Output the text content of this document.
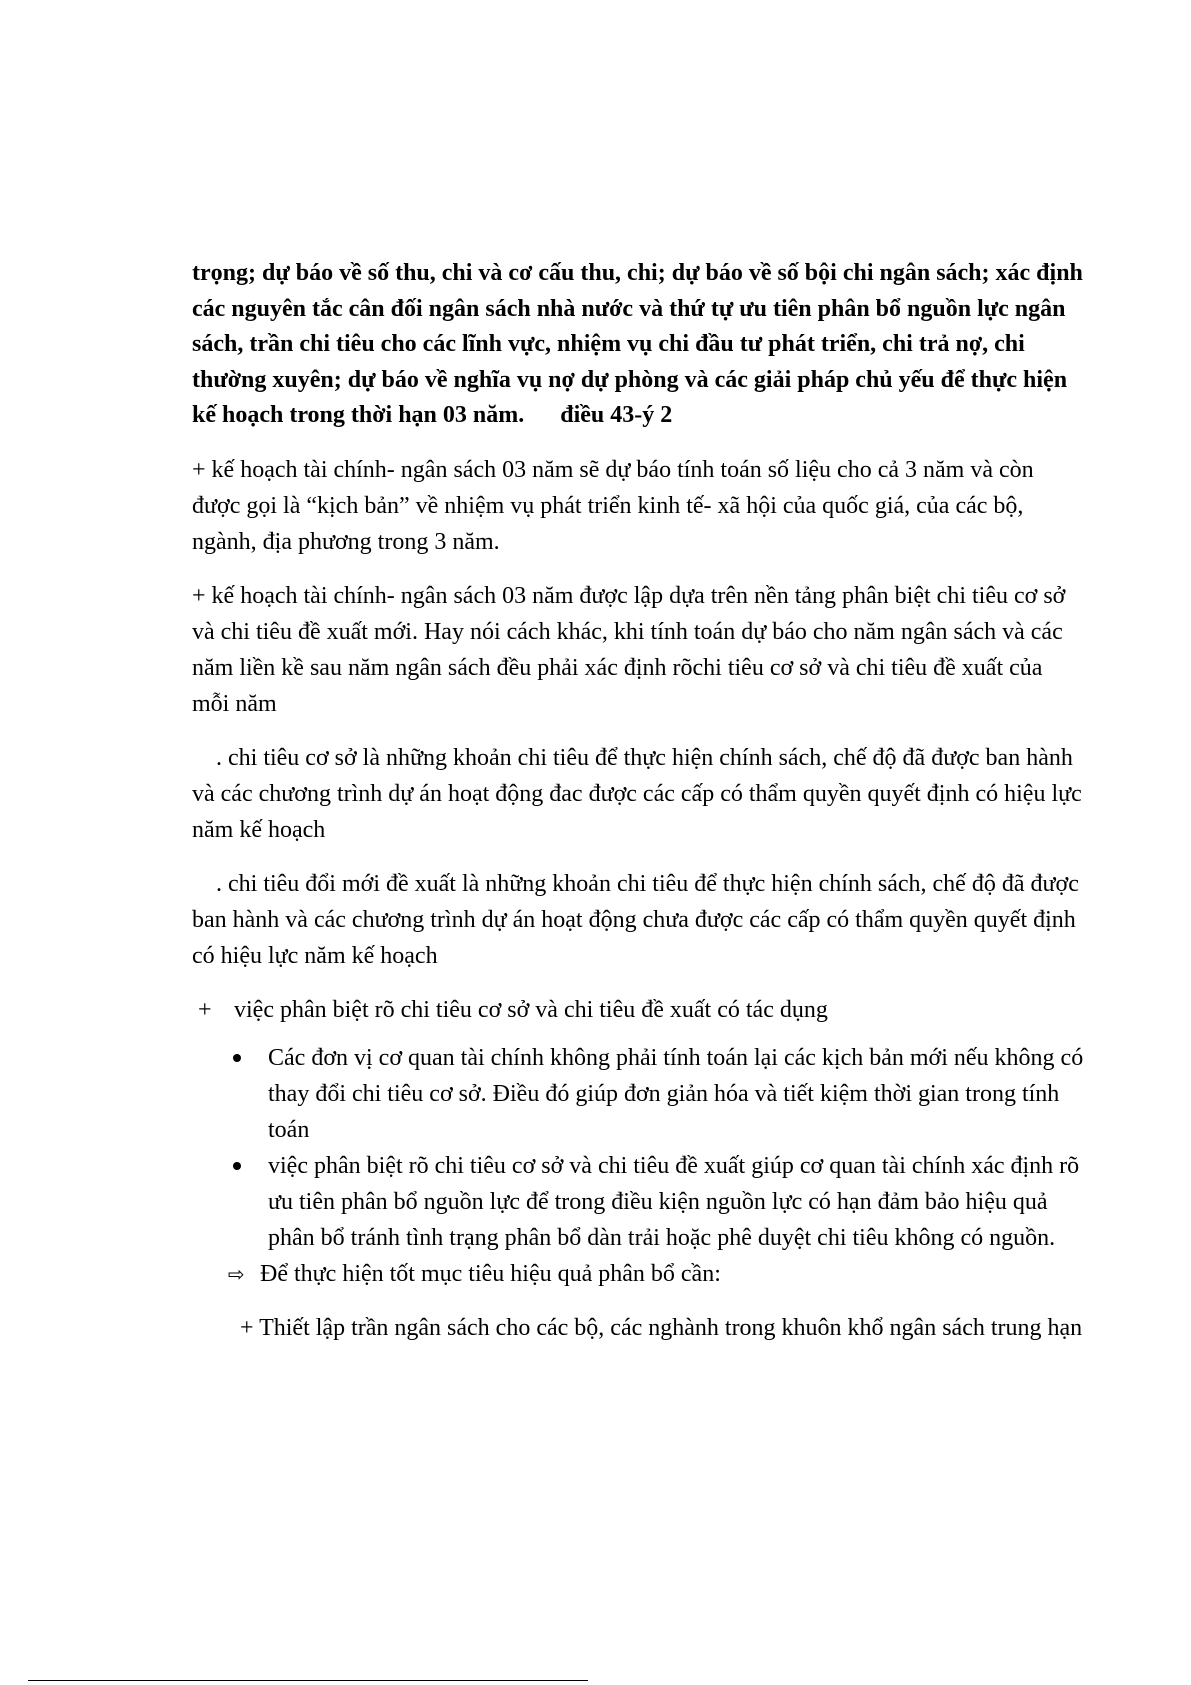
trọng; dự báo về số thu, chi và cơ cấu thu, chi; dự báo về số bội chi ngân sách; xác định các nguyên tắc cân đối ngân sách nhà nước và thứ tự ưu tiên phân bổ nguồn lực ngân sách, trần chi tiêu cho các lĩnh vực, nhiệm vụ chi đầu tư phát triển, chi trả nợ, chi thường xuyên; dự báo về nghĩa vụ nợ dự phòng và các giải pháp chủ yếu để thực hiện kế hoạch trong thời hạn 03 năm. điều 43-ý 2

+ kế hoạch tài chính- ngân sách 03 năm sẽ dự báo tính toán số liệu cho cả 3 năm và còn được gọi là “kịch bản” về nhiệm vụ phát triển kinh tế- xã hội của quốc giá, của các bộ, ngành, địa phương trong 3 năm.

+ kế hoạch tài chính- ngân sách 03 năm được lập dựa trên nền tảng phân biệt chi tiêu cơ sở và chi tiêu đề xuất mới. Hay nói cách khác, khi tính toán dự báo cho năm ngân sách và các năm liền kề sau năm ngân sách đều phải xác định rõchi tiêu cơ sở và chi tiêu đề xuất của mỗi năm

. chi tiêu cơ sở là những khoản chi tiêu để thực hiện chính sách, chế độ đã được ban hành và các chương trình dự án hoạt động đac được các cấp có thẩm quyền quyết định có hiệu lực năm kế hoạch

. chi tiêu đổi mới đề xuất là những khoản chi tiêu để thực hiện chính sách, chế độ đã được ban hành và các chương trình dự án hoạt động chưa được các cấp có thẩm quyền quyết định có hiệu lực năm kế hoạch

+ việc phân biệt rõ chi tiêu cơ sở và chi tiêu đề xuất có tác dụng

Các đơn vị cơ quan tài chính không phải tính toán lại các kịch bản mới nếu không có thay đổi chi tiêu cơ sở. Điều đó giúp đơn giản hóa và tiết kiệm thời gian trong tính toán
việc phân biệt rõ chi tiêu cơ sở và chi tiêu đề xuất giúp cơ quan tài chính xác định rõ ưu tiên phân bổ nguồn lực để trong điều kiện nguồn lực có hạn đảm bảo hiệu quả phân bổ tránh tình trạng phân bổ dàn trải hoặc phê duyệt chi tiêu không có nguồn.

⇨ Để thực hiện tốt mục tiêu hiệu quả phân bổ cần:

+ Thiết lập trần ngân sách cho các bộ, các nghành trong khuôn khổ ngân sách trung hạn
